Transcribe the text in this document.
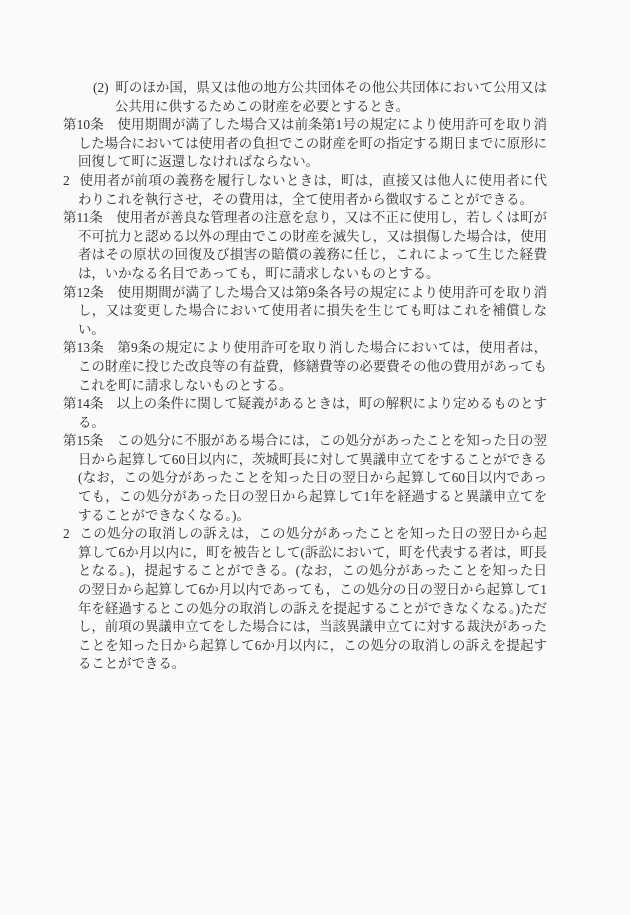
(2) 町のほか国，県又は他の地方公共団体その他公共団体において公用又は公共用に供するためこの財産を必要とするとき。

第10条 使用期間が満了した場合又は前条第1号の規定により使用許可を取り消した場合においては使用者の負担でこの財産を町の指定する期日までに原形に回復して町に返還しなければならない。

2 使用者が前項の義務を履行しないときは，町は，直接又は他人に使用者に代わりこれを執行させ，その費用は，全て使用者から徴収することができる。

第11条 使用者が善良な管理者の注意を怠り，又は不正に使用し，若しくは町が不可抗力と認める以外の理由でこの財産を滅失し，又は損傷した場合は，使用者はその原状の回復及び損害の賠償の義務に任じ，これによって生じた経費は，いかなる名目であっても，町に請求しないものとする。

第12条 使用期間が満了した場合又は第9条各号の規定により使用許可を取り消し，又は変更した場合において使用者に損失を生じても町はこれを補償しない。

第13条 第9条の規定により使用許可を取り消した場合においては，使用者は，この財産に投じた改良等の有益費，修繕費等の必要費その他の費用があってもこれを町に請求しないものとする。

第14条 以上の条件に関して疑義があるときは，町の解釈により定めるものとする。

第15条 この処分に不服がある場合には，この処分があったことを知った日の翌日から起算して60日以内に，茨城町長に対して異議申立てをすることができる(なお，この処分があったことを知った日の翌日から起算して60日以内であっても，この処分があった日の翌日から起算して1年を経過すると異議申立てをすることができなくなる。)。

2 この処分の取消しの訴えは，この処分があったことを知った日の翌日から起算して6か月以内に，町を被告として(訴訟において，町を代表する者は，町長となる。)，提起することができる。(なお，この処分があったことを知った日の翌日から起算して6か月以内であっても，この処分の日の翌日から起算して1年を経過するとこの処分の取消しの訴えを提起することができなくなる。)ただし，前項の異議申立てをした場合には，当該異議申立てに対する裁決があったことを知った日から起算して6か月以内に，この処分の取消しの訴えを提起することができる。
